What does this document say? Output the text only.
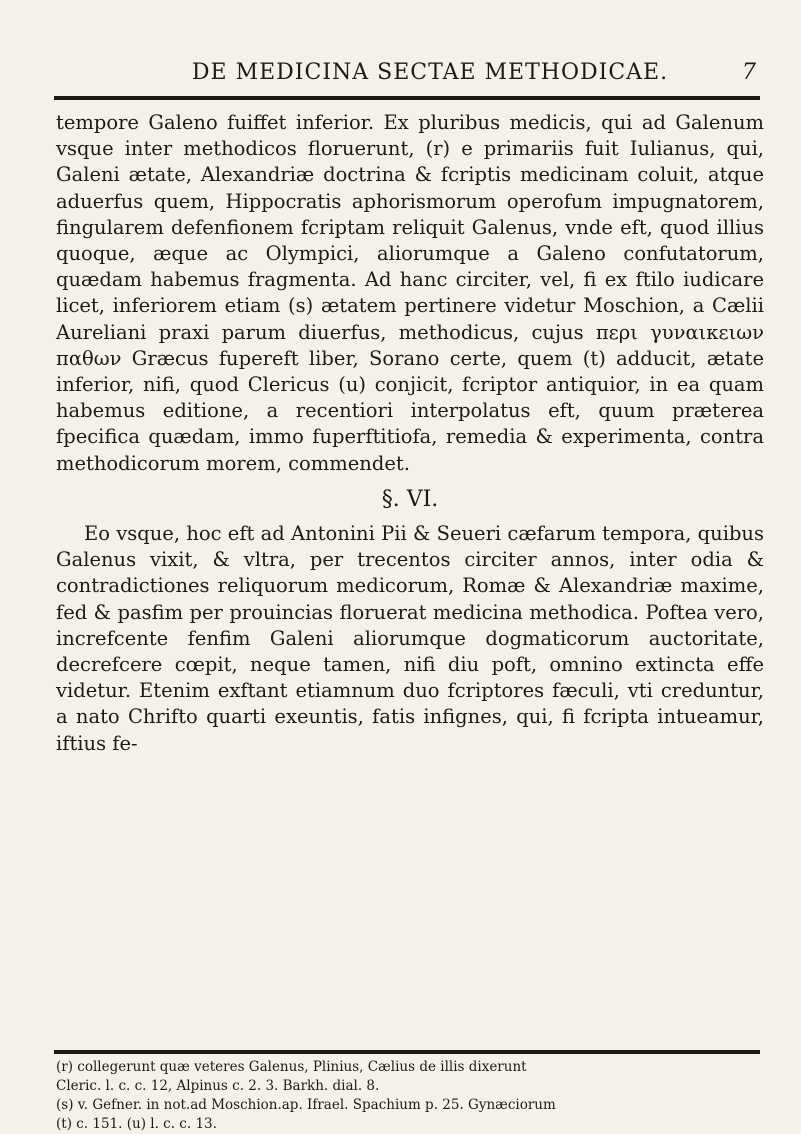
DE MEDICINA SECTAE METHODICAE.	7

tempore Galeno fuiffet inferior. Ex pluribus medicis, qui ad Galenum vsque inter methodicos floruerunt, (r) e primariis fuit Iulianus, qui, Galeni ætate, Alexandriæ doctrina & fcriptis medicinam coluit, atque aduerfus quem, Hippocratis aphorismorum operofum impugnatorem, fingularem defenfionem fcriptam reliquit Galenus, vnde eft, quod illius quoque, æque ac Olympici, aliorumque a Galeno confutatorum, quædam habemus fragmenta. Ad hanc circiter, vel, fi ex ftilo iudicare licet, inferiorem etiam (s) ætatem pertinere videtur Moschion, a Cælii Aureliani praxi parum diuerfus, methodicus, cujus περι γυναικειων παθων Græcus fupereft liber, Sorano certe, quem (t) adducit, ætate inferior, nifi, quod Clericus (u) conjicit, fcriptor antiquior, in ea quam habemus editione, a recentiori interpolatus eft, quum præterea fpecifica quædam, immo fuperftitiofa, remedia & experimenta, contra methodicorum morem, commendet.

§. VI.

Eo vsque, hoc eft ad Antonini Pii & Seueri cæfarum tempora, quibus Galenus vixit, & vltra, per trecentos circiter annos, inter odia & contradictiones reliquorum medicorum, Romæ & Alexandriæ maxime, fed & pasfim per prouincias floruerat medicina methodica. Poftea vero, increfcente fenfim Galeni aliorumque dogmaticorum auctoritate, decrefcere cœpit, neque tamen, nifi diu poft, omnino extincta effe videtur. Etenim exftant etiamnum duo fcriptores fæculi, vti creduntur, a nato Chrifto quarti exeuntis, fatis infignes, qui, fi fcripta intueamur, iftius fe-

(r) collegerunt quæ veteres Galenus, Plinius, Cælius de illis dixerunt

Cleric. l. c. c. 12, Alpinus c. 2. 3. Barkh. dial. 8.

(s) v. Gefner. in not.ad Moschion.ap. Ifrael. Spachium p. 25. Gynæciorum

(t) c. 151. (u) l. c. c. 13.
